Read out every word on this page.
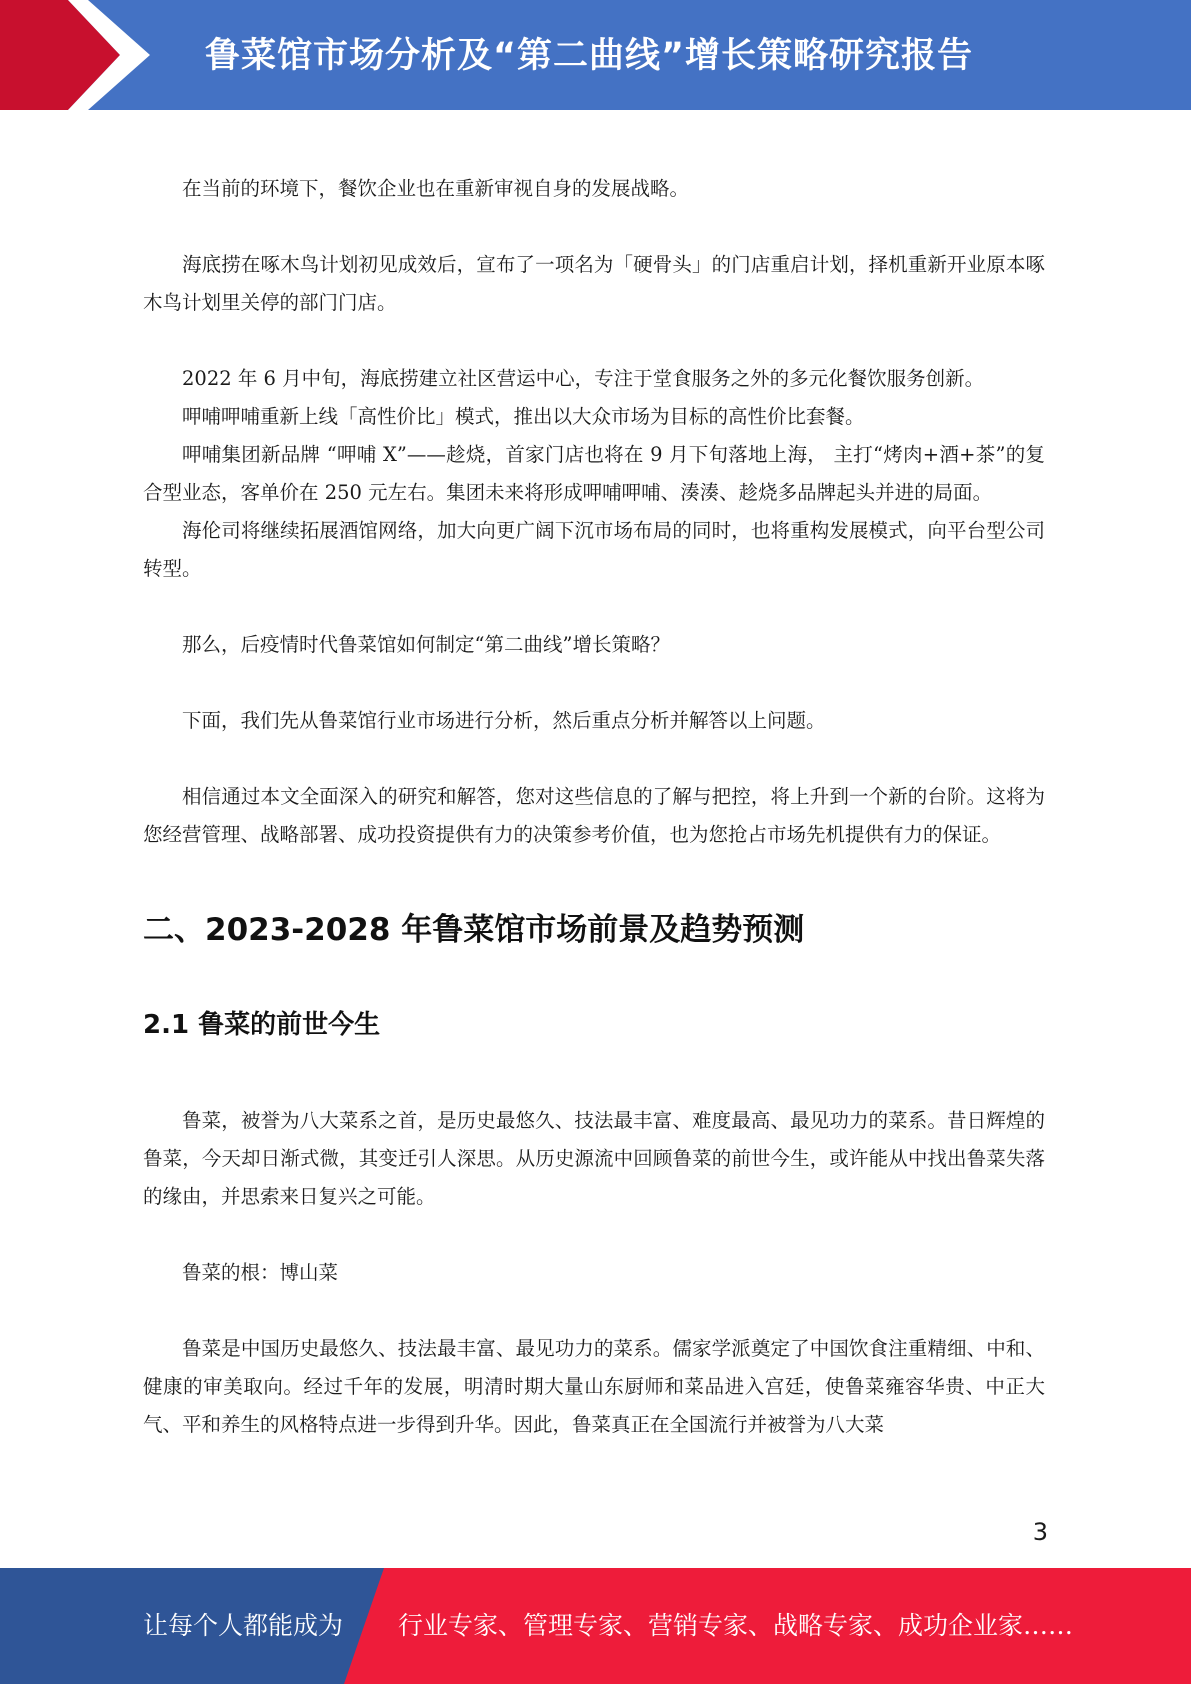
鲁菜馆市场分析及“第二曲线”增长策略研究报告

在当前的环境下，餐饮企业也在重新审视自身的发展战略。

海底捞在啄木鸟计划初见成效后，宣布了一项名为「硬骨头」的门店重启计划，择机重新开业原本啄木鸟计划里关停的部门门店。

2022 年 6 月中旬，海底捞建立社区营运中心，专注于堂食服务之外的多元化餐饮服务创新。

呷哺呷哺重新上线「高性价比」模式，推出以大众市场为目标的高性价比套餐。

呷哺集团新品牌 “呷哺 X”——趁烧，首家门店也将在 9 月下旬落地上海， 主打“烤肉+酒+茶”的复合型业态，客单价在 250 元左右。集团未来将形成呷哺呷哺、湊湊、趁烧多品牌起头并进的局面。

海伦司将继续拓展酒馆网络，加大向更广阔下沉市场布局的同时，也将重构发展模式，向平台型公司转型。

那么，后疫情时代鲁菜馆如何制定“第二曲线”增长策略？

下面，我们先从鲁菜馆行业市场进行分析，然后重点分析并解答以上问题。

相信通过本文全面深入的研究和解答，您对这些信息的了解与把控，将上升到一个新的台阶。这将为您经营管理、战略部署、成功投资提供有力的决策参考价值，也为您抢占市场先机提供有力的保证。

二、2023-2028 年鲁菜馆市场前景及趋势预测
2.1 鲁菜的前世今生

鲁菜，被誉为八大菜系之首，是历史最悠久、技法最丰富、难度最高、最见功力的菜系。昔日辉煌的鲁菜，今天却日渐式微，其变迁引人深思。从历史源流中回顾鲁菜的前世今生，或许能从中找出鲁菜失落的缘由，并思索来日复兴之可能。

鲁菜的根：博山菜

鲁菜是中国历史最悠久、技法最丰富、最见功力的菜系。儒家学派奠定了中国饮食注重精细、中和、健康的审美取向。经过千年的发展，明清时期大量山东厨师和菜品进入宫廷，使鲁菜雍容华贵、中正大气、平和养生的风格特点进一步得到升华。因此，鲁菜真正在全国流行并被誉为八大菜

3
让每个人都能成为 行业专家、管理专家、营销专家、战略专家、成功企业家……
